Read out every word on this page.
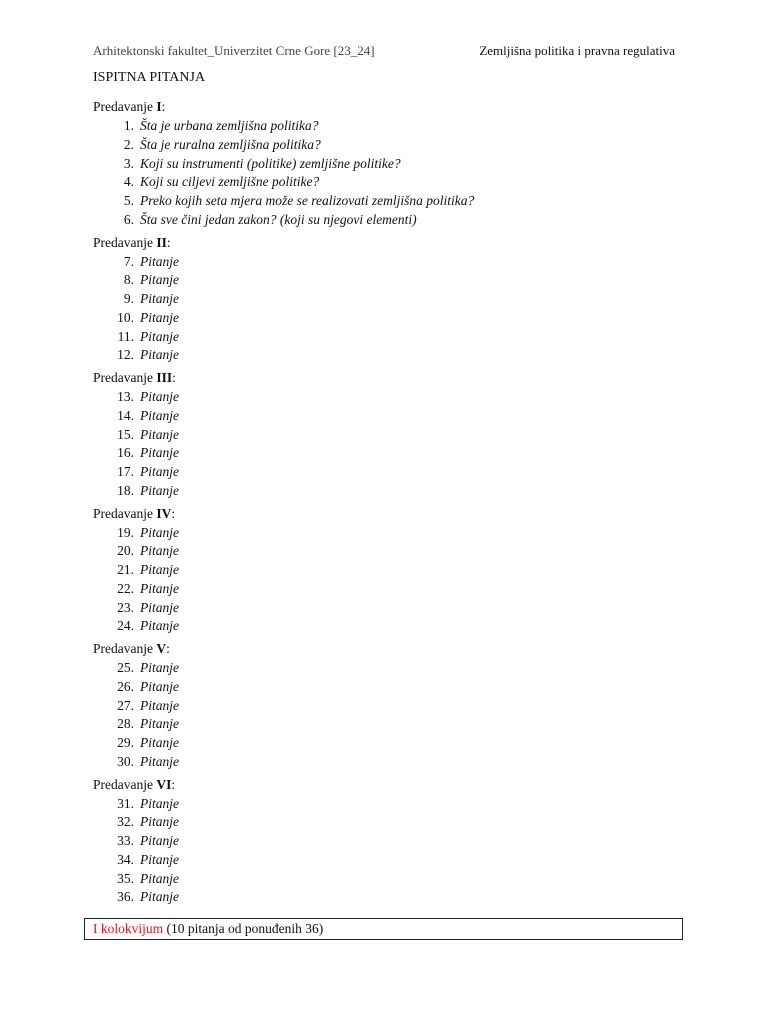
Arhitektonski fakultet_Univerzitet Crne Gore [23_24]	Zemljišna politika i pravna regulativa
ISPITNA PITANJA
Predavanje I:
1. Šta je urbana zemljišna politika?
2. Šta je ruralna zemljišna politika?
3. Koji su instrumenti (politike) zemljišne politike?
4. Koji su ciljevi zemljišne politike?
5. Preko kojih seta mjera može se realizovati zemljišna politika?
6. Šta sve čini jedan zakon? (koji su njegovi elementi)
Predavanje II:
7. Pitanje
8. Pitanje
9. Pitanje
10. Pitanje
11. Pitanje
12. Pitanje
Predavanje III:
13. Pitanje
14. Pitanje
15. Pitanje
16. Pitanje
17. Pitanje
18. Pitanje
Predavanje IV:
19. Pitanje
20. Pitanje
21. Pitanje
22. Pitanje
23. Pitanje
24. Pitanje
Predavanje V:
25. Pitanje
26. Pitanje
27. Pitanje
28. Pitanje
29. Pitanje
30. Pitanje
Predavanje VI:
31. Pitanje
32. Pitanje
33. Pitanje
34. Pitanje
35. Pitanje
36. Pitanje
I kolokvijum (10 pitanja od ponuđenih 36)
